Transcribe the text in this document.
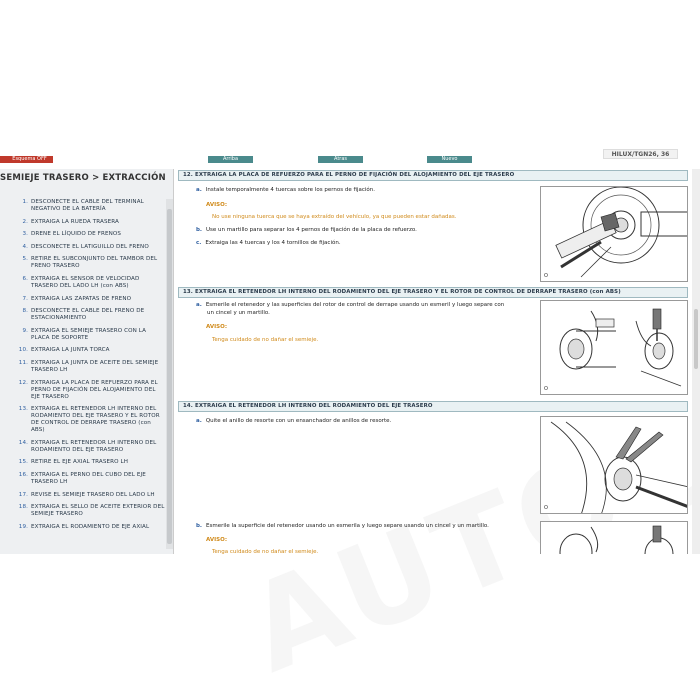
Esquema OFF	Arriba	Atras	Nuevo
HILUX/TGN26, 36
SEMIEJE TRASERO > EXTRACCIÓN
1. DESCONECTE EL CABLE DEL TERMINAL NEGATIVO DE LA BATERÍA
2. EXTRAIGA LA RUEDA TRASERA
3. DRENE EL LÍQUIDO DE FRENOS
4. DESCONECTE EL LATIGUILLO DEL FRENO
5. RETIRE EL SUBCONJUNTO DEL TAMBOR DEL FRENO TRASERO
6. EXTRAIGA EL SENSOR DE VELOCIDAD TRASERO DEL LADO LH (con ABS)
7. EXTRAIGA LAS ZAPATAS DE FRENO
8. DESCONECTE EL CABLE DEL FRENO DE ESTACIONAMIENTO
9. EXTRAIGA EL SEMIEJE TRASERO CON LA PLACA DE SOPORTE
10. EXTRAIGA LA JUNTA TORCA
11. EXTRAIGA LA JUNTA DE ACEITE DEL SEMIEJE TRASERO LH
12. EXTRAIGA LA PLACA DE REFUERZO PARA EL PERNO DE FIJACIÓN DEL ALOJAMIENTO DEL EJE TRASERO
13. EXTRAIGA EL RETENEDOR LH INTERNO DEL RODAMIENTO DEL EJE TRASERO Y EL ROTOR DE CONTROL DE DERRAPE TRASERO (con ABS)
14. EXTRAIGA EL RETENEDOR LH INTERNO DEL RODAMIENTO DEL EJE TRASERO
15. RETIRE EL EJE AXIAL TRASERO LH
16. EXTRAIGA EL PERNO DEL CUBO DEL EJE TRASERO LH
17. REVISE EL SEMIEJE TRASERO DEL LADO LH
18. EXTRAIGA EL SELLO DE ACEITE EXTERIOR DEL SEMIEJE TRASERO
19. EXTRAIGA EL RODAMIENTO DE EJE AXIAL
12. EXTRAIGA LA PLACA DE REFUERZO PARA EL PERNO DE FIJACIÓN DEL ALOJAMIENTO DEL EJE TRASERO
a. Instale temporalmente 4 tuercas sobre los pernos de fijación.
AVISO:
No use ninguna tuerca que se haya extraído del vehículo, ya que pueden estar dañadas.
b. Use un martillo para separar los 4 pernos de fijación de la placa de refuerzo.
c. Extraiga las 4 tuercas y los 4 tornillos de fijación.
O
13. EXTRAIGA EL RETENEDOR LH INTERNO DEL RODAMIENTO DEL EJE TRASERO Y EL ROTOR DE CONTROL DE DERRAPE TRASERO (con ABS)
a. Esmerile el retenedor y las superficies del rotor de control de derrape usando un esmeril y luego separe con
un cincel y un martillo.
AVISO:
Tenga cuidado de no dañar el semieje.
O
14. EXTRAIGA EL RETENEDOR LH INTERNO DEL RODAMIENTO DEL EJE TRASERO
a. Quite el anillo de resorte con un ensanchador de anillos de resorte.
O
b. Esmerile la superficie del retenedor usando un esmerila y luego separe usando un cincel y un martillo.
AVISO:
Tenga cuidado de no dañar el semieje.
